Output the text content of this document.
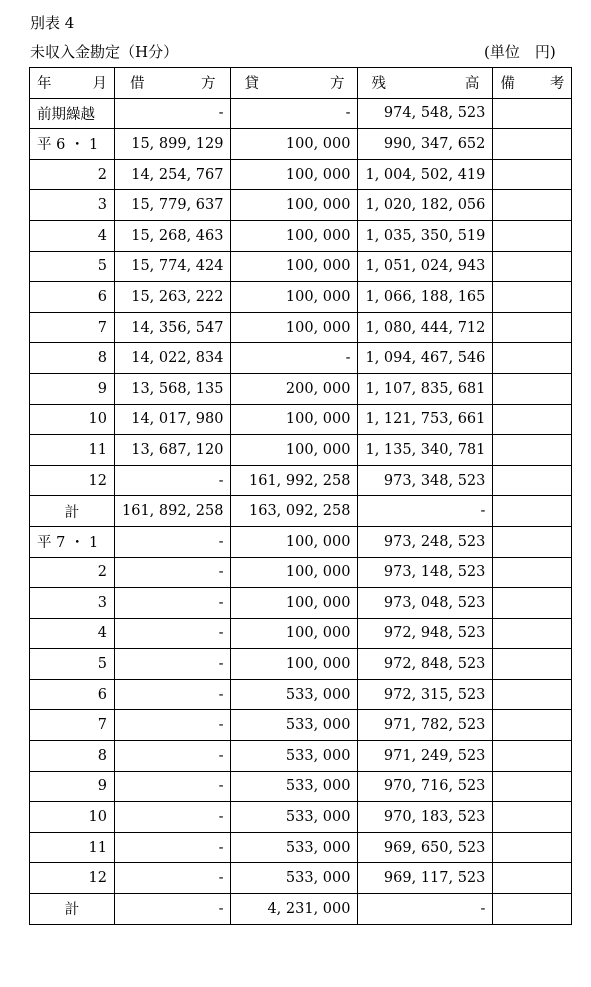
別表 4
未収入金勘定（H分）	(単位　円)
年 月	借 方	貸 方	残 高	備 考

前期繰越	-	-	974, 548, 523	
平 6 ・ 1	15, 899, 129	100, 000	990, 347, 652	
2	14, 254, 767	100, 000	1, 004, 502, 419	
3	15, 779, 637	100, 000	1, 020, 182, 056	
4	15, 268, 463	100, 000	1, 035, 350, 519	
5	15, 774, 424	100, 000	1, 051, 024, 943	
6	15, 263, 222	100, 000	1, 066, 188, 165	
7	14, 356, 547	100, 000	1, 080, 444, 712	
8	14, 022, 834	-	1, 094, 467, 546	
9	13, 568, 135	200, 000	1, 107, 835, 681	
10	14, 017, 980	100, 000	1, 121, 753, 661	
11	13, 687, 120	100, 000	1, 135, 340, 781	
12	-	161, 992, 258	973, 348, 523	
計	161, 892, 258	163, 092, 258	-	
平 7 ・ 1	-	100, 000	973, 248, 523	
2	-	100, 000	973, 148, 523	
3	-	100, 000	973, 048, 523	
4	-	100, 000	972, 948, 523	
5	-	100, 000	972, 848, 523	
6	-	533, 000	972, 315, 523	
7	-	533, 000	971, 782, 523	
8	-	533, 000	971, 249, 523	
9	-	533, 000	970, 716, 523	
10	-	533, 000	970, 183, 523	
11	-	533, 000	969, 650, 523	
12	-	533, 000	969, 117, 523	
計	-	4, 231, 000	-	
